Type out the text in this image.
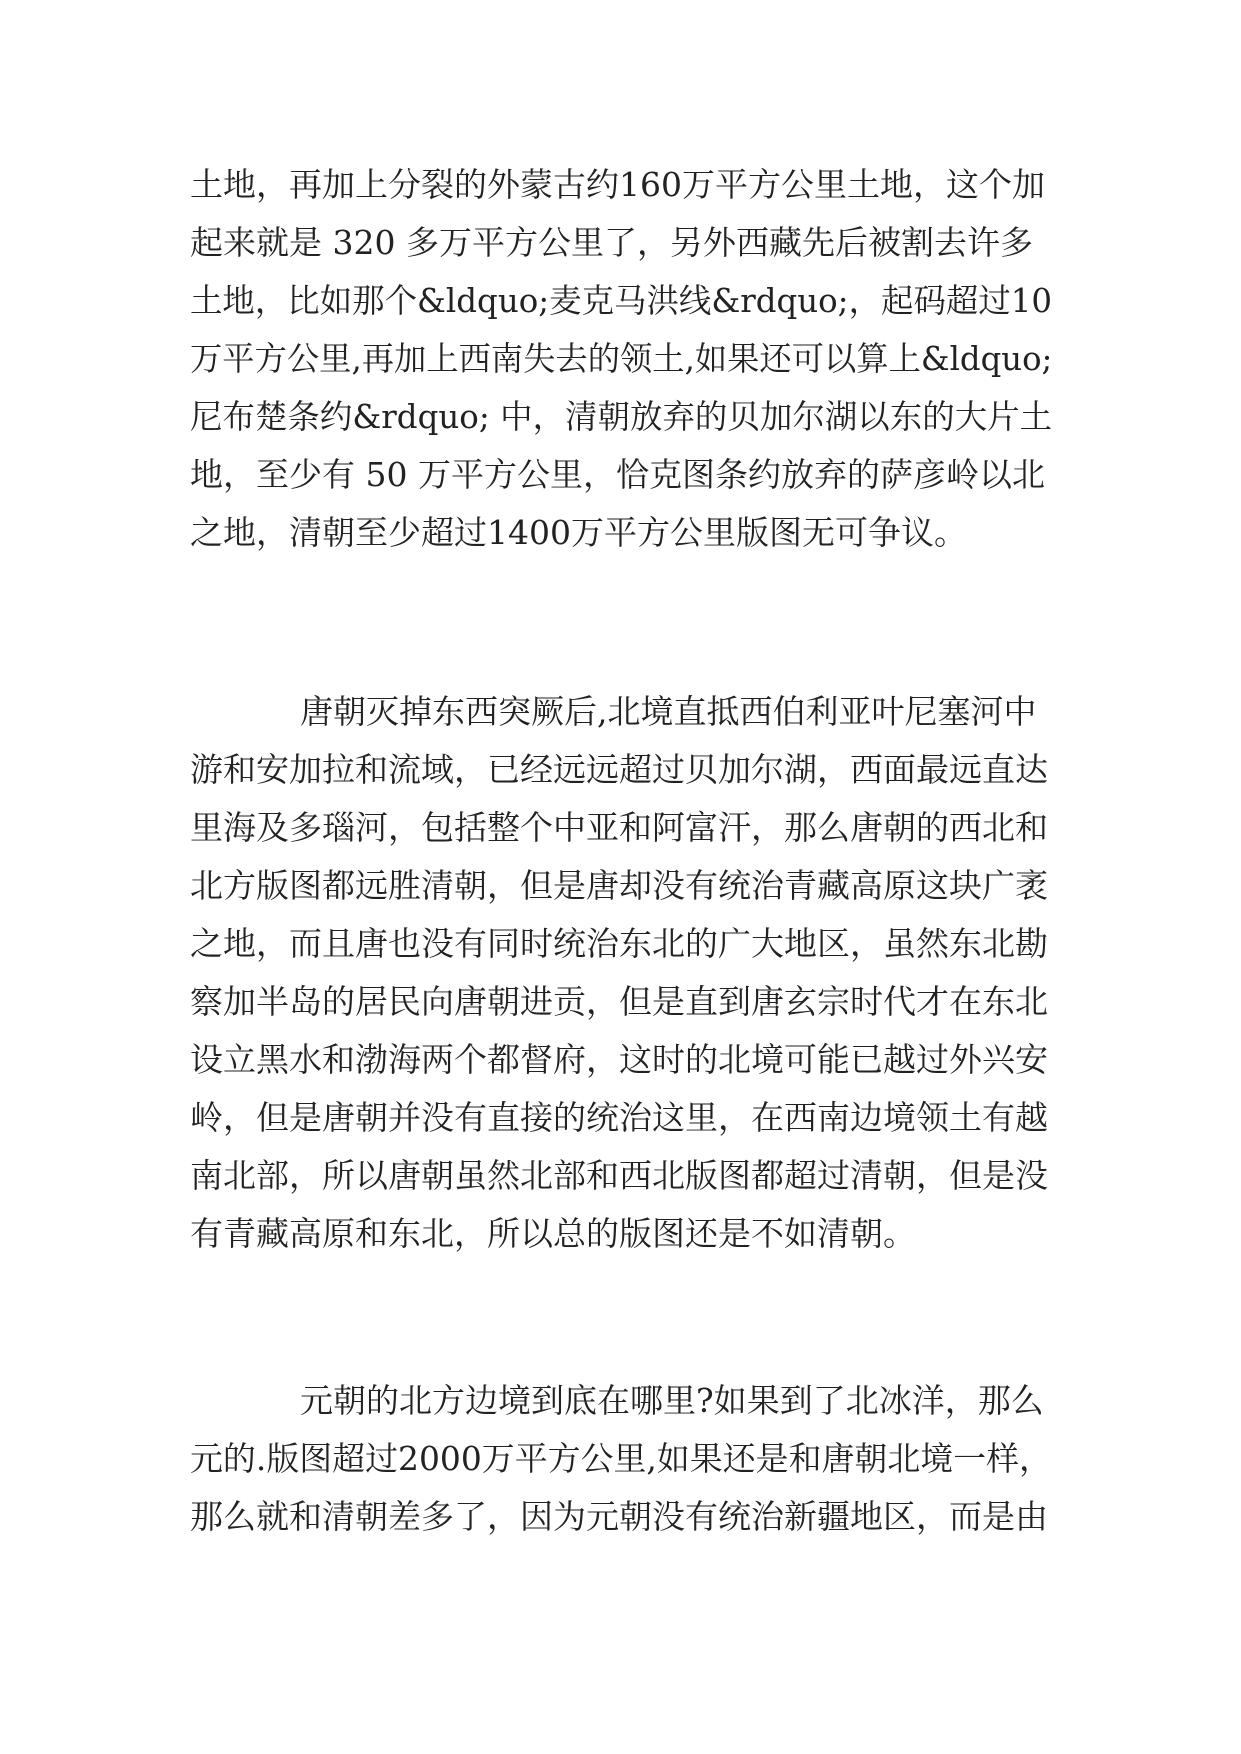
土地，再加上分裂的外蒙古约160万平方公里土地，这个加
起来就是 320 多万平方公里了，另外西藏先后被割去许多
土地，比如那个&ldquo;麦克马洪线&rdquo;，起码超过10
万平方公里,再加上西南失去的领土,如果还可以算上&ldquo;
尼布楚条约&rdquo; 中，清朝放弃的贝加尔湖以东的大片土
地，至少有 50 万平方公里，恰克图条约放弃的萨彦岭以北
之地，清朝至少超过1400万平方公里版图无可争议。
唐朝灭掉东西突厥后,北境直抵西伯利亚叶尼塞河中
游和安加拉和流域，已经远远超过贝加尔湖，西面最远直达
里海及多瑙河，包括整个中亚和阿富汗，那么唐朝的西北和
北方版图都远胜清朝，但是唐却没有统治青藏高原这块广袤
之地，而且唐也没有同时统治东北的广大地区，虽然东北勘
察加半岛的居民向唐朝进贡，但是直到唐玄宗时代才在东北
设立黑水和渤海两个都督府，这时的北境可能已越过外兴安
岭，但是唐朝并没有直接的统治这里，在西南边境领土有越
南北部，所以唐朝虽然北部和西北版图都超过清朝，但是没
有青藏高原和东北，所以总的版图还是不如清朝。
元朝的北方边境到底在哪里?如果到了北冰洋，那么
元的.版图超过2000万平方公里,如果还是和唐朝北境一样，
那么就和清朝差多了，因为元朝没有统治新疆地区，而是由
